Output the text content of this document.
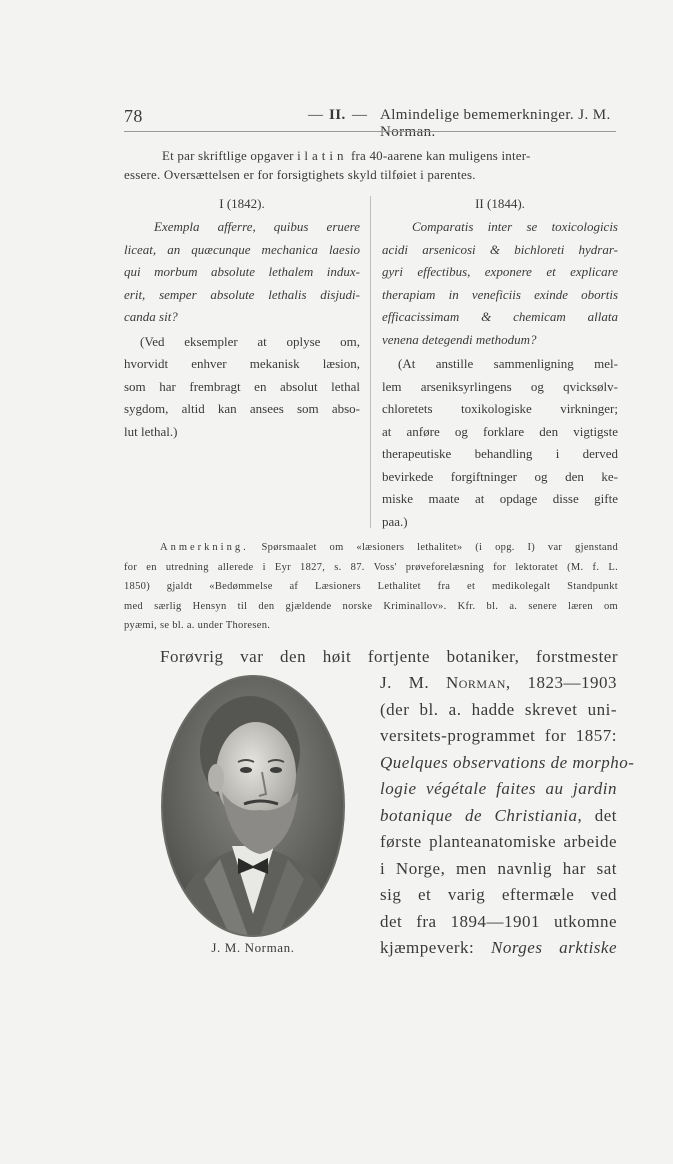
78	— II. — Almindelige bememerkninger. J. M. Norman.
Et par skriftlige opgaver i latin fra 40-aarene kan muligens inter-
essere. Oversættelsen er for forsigtighets skyld tilføiet i parentes.
I (1842).
Exempla afferre, quibus eruere
liceat, an quæcunque mechanica laesio
qui morbum absolute lethalem indux-
erit, semper absolute lethalis disjudi-
canda sit?
(Ved eksempler at oplyse om,
hvorvidt enhver mekanisk læsion,
som har frembragt en absolut lethal
sygdom, altid kan ansees som abso-
lut lethal.)
II (1844).
Comparatis inter se toxicologicis
acidi arsenicosi & bichloreti hydrar-
gyri effectibus, exponere et explicare
therapiam in veneficiis exinde obortis
efficacissimam & chemicam allata
venena detegendi methodum?
(At anstille sammenligning mel-
lem arseniksyrlingens og qvicksølv-
chloretets toxikologiske virkninger;
at anføre og forklare den vigtigste
therapeutiske behandling i derved
bevirkede forgiftninger og den ke-
miske maate at opdage disse gifte
paa.)
Anmerkning. Spørsmaalet om «læsioners lethalitet» (i opg. I) var gjenstand
for en utredning allerede i Eyr 1827, s. 87. Voss' prøveforelæsning for lektoratet (M. f. L.
1850) gjaldt «Bedømmelse af Læsioners Lethalitet fra et medikolegalt Standpunkt
med særlig Hensyn til den gjældende norske Kriminallov». Kfr. bl. a. senere læren om
pyæmi, se bl. a. under Thoresen.
Forøvrig var den høit fortjente botaniker, forstmester
J. M. Norman, 1823—1903
(der bl. a. hadde skrevet uni-
versitets-programmet for 1857:
Quelques observations de morpho-
logie végétale faites au jardin
botanique de Christiania, det
første planteanatomiske arbeide
i Norge, men navnlig har sat
sig et varig eftermæle ved
det fra 1894—1901 utkomne
kjæmpeverk: Norges arktiske
J. M. Norman.
